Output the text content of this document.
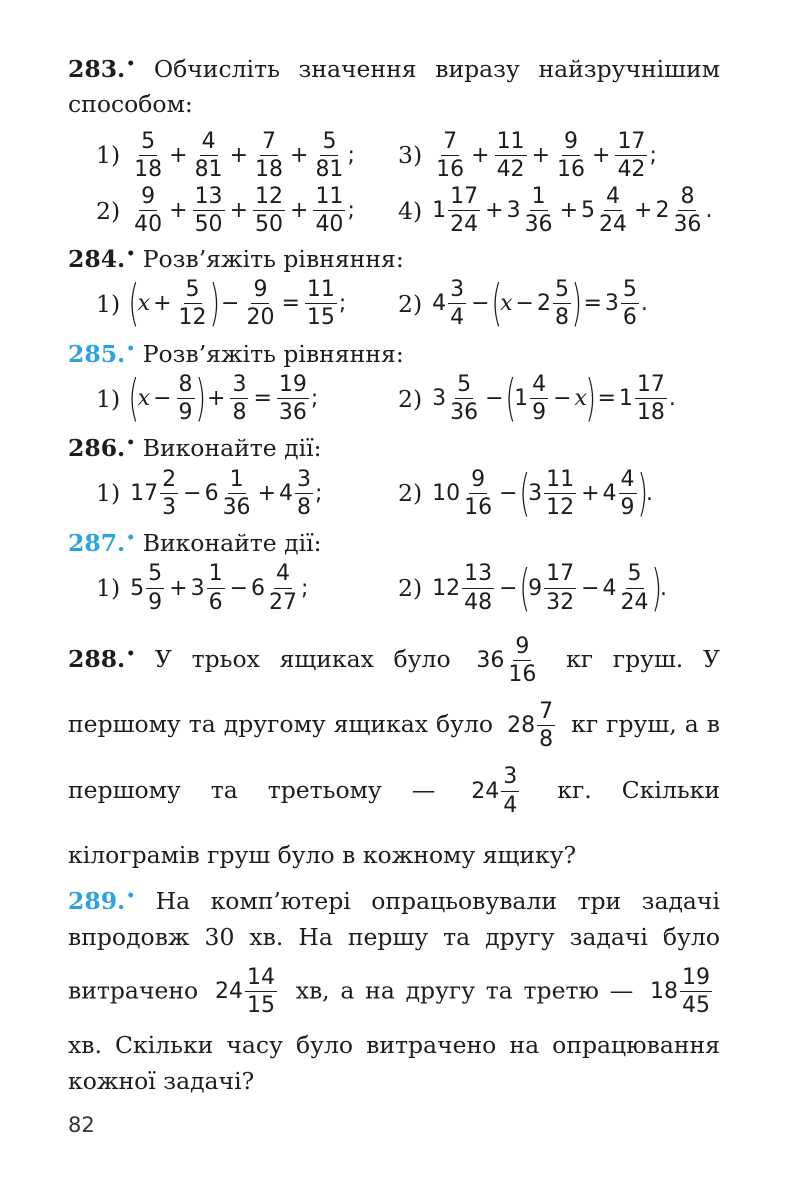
283.• Обчисліть значення виразу найзручнішим способом:
$1) \frac{5}{18} + \frac{4}{81} + \frac{7}{18} + \frac{5}{81}$ ; $3) \frac{7}{16} + \frac{11}{42} + \frac{9}{16} + \frac{17}{42}$ ;
$2) \frac{9}{40} + \frac{13}{50} + \frac{12}{50} + \frac{11}{40}$ ; 4) $1 \frac{17}{24} + 3 \frac{1}{36} + 5 \frac{4}{24} + 2 \frac{8}{36}$ .
284.• Розв’яжіть рівняння:
1) (
$x + \frac{5}{12}$ ) − $\frac{9}{20} = \frac{11}{15}$ ; 2) $4 \frac{3}{4}$ − (
$x - 2 \frac{5}{8}$ ) = $3 \frac{5}{6}$ .
285.• Розв’яжіть рівняння:
1) (
$x - \frac{8}{9}$ ) + $\frac{3}{8} = \frac{19}{36}$ ;	2) $3 \frac{5}{36}$ − (
$1 \frac{4}{9} - x$
) = $1 \frac{17}{18}$ .
286.• Виконайте дії:
1) $17 \frac{2}{3} - 6 \frac{1}{36} + 4 \frac{3}{8}$ ;	2) $10 \frac{9}{16}$ − (
$3 \frac{11}{12} + 4 \frac{4}{9}$ )
.
287.• Виконайте дії:
1) $5 \frac{5}{9} + 3 \frac{1}{6} - 6 \frac{4}{27}$ ;	2) $12 \frac{13}{48}$ − (
$9 \frac{17}{32} - 4 \frac{5}{24}$ )
.
288.• У трьох ящиках було $36 \frac{9}{16}$ кг груш. У першому та другому ящиках було $28 \frac{7}{8}$ кг груш, а в першому та третьому — $24 \frac{3}{4}$ кг. Скільки кілограмів груш було в кожному ящику?
289.• На комп’ютері опрацьовували три задачі впродовж 30 хв. На першу та другу задачі було витрачено $24 \frac{14}{15}$ хв, а на другу та третю — $18 \frac{19}{45}$
хв. Скільки часу було витрачено на опрацювання кожної задачі?
82
